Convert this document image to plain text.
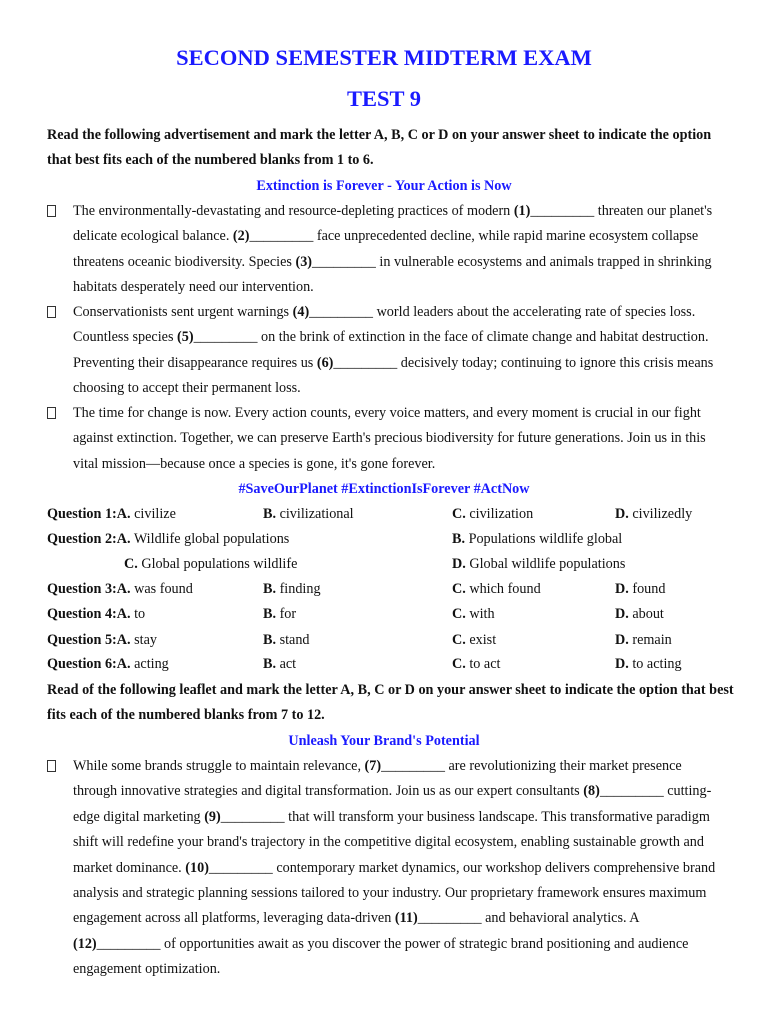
SECOND SEMESTER MIDTERM EXAM
TEST 9
Read the following advertisement and mark the letter A, B, C or D on your answer sheet to indicate the option that best fits each of the numbered blanks from 1 to 6.
Extinction is Forever - Your Action is Now
The environmentally-devastating and resource-depleting practices of modern (1)_________ threaten our planet's delicate ecological balance. (2)_________ face unprecedented decline, while rapid marine ecosystem collapse threatens oceanic biodiversity. Species (3)_________ in vulnerable ecosystems and animals trapped in shrinking habitats desperately need our intervention.
Conservationists sent urgent warnings (4)_________ world leaders about the accelerating rate of species loss. Countless species (5)_________ on the brink of extinction in the face of climate change and habitat destruction. Preventing their disappearance requires us (6)_________ decisively today; continuing to ignore this crisis means choosing to accept their permanent loss.
The time for change is now. Every action counts, every voice matters, and every moment is crucial in our fight against extinction. Together, we can preserve Earth's precious biodiversity for future generations. Join us in this vital mission—because once a species is gone, it's gone forever.
#SaveOurPlanet #ExtinctionIsForever #ActNow
Question 1:A. civilize	B. civilizational	C. civilization	D. civilizedly
Question 2:A. Wildlife global populations	B. Populations wildlife global
C. Global populations wildlife	D. Global wildlife populations
Question 3:A. was found	B. finding	C. which found	D. found
Question 4:A. to	B. for	C. with	D. about
Question 5:A. stay	B. stand	C. exist	D. remain
Question 6:A. acting	B. act	C. to act	D. to acting
Read of the following leaflet and mark the letter A, B, C or D on your answer sheet to indicate the option that best fits each of the numbered blanks from 7 to 12.
Unleash Your Brand's Potential
While some brands struggle to maintain relevance, (7)_________ are revolutionizing their market presence through innovative strategies and digital transformation. Join us as our expert consultants (8)_________ cutting-edge digital marketing (9)_________ that will transform your business landscape. This transformative paradigm shift will redefine your brand's trajectory in the competitive digital ecosystem, enabling sustainable growth and market dominance. (10)_________ contemporary market dynamics, our workshop delivers comprehensive brand analysis and strategic planning sessions tailored to your industry. Our proprietary framework ensures maximum engagement across all platforms, leveraging data-driven (11)_________ and behavioral analytics. A (12)_________ of opportunities await as you discover the power of strategic brand positioning and audience engagement optimization.
